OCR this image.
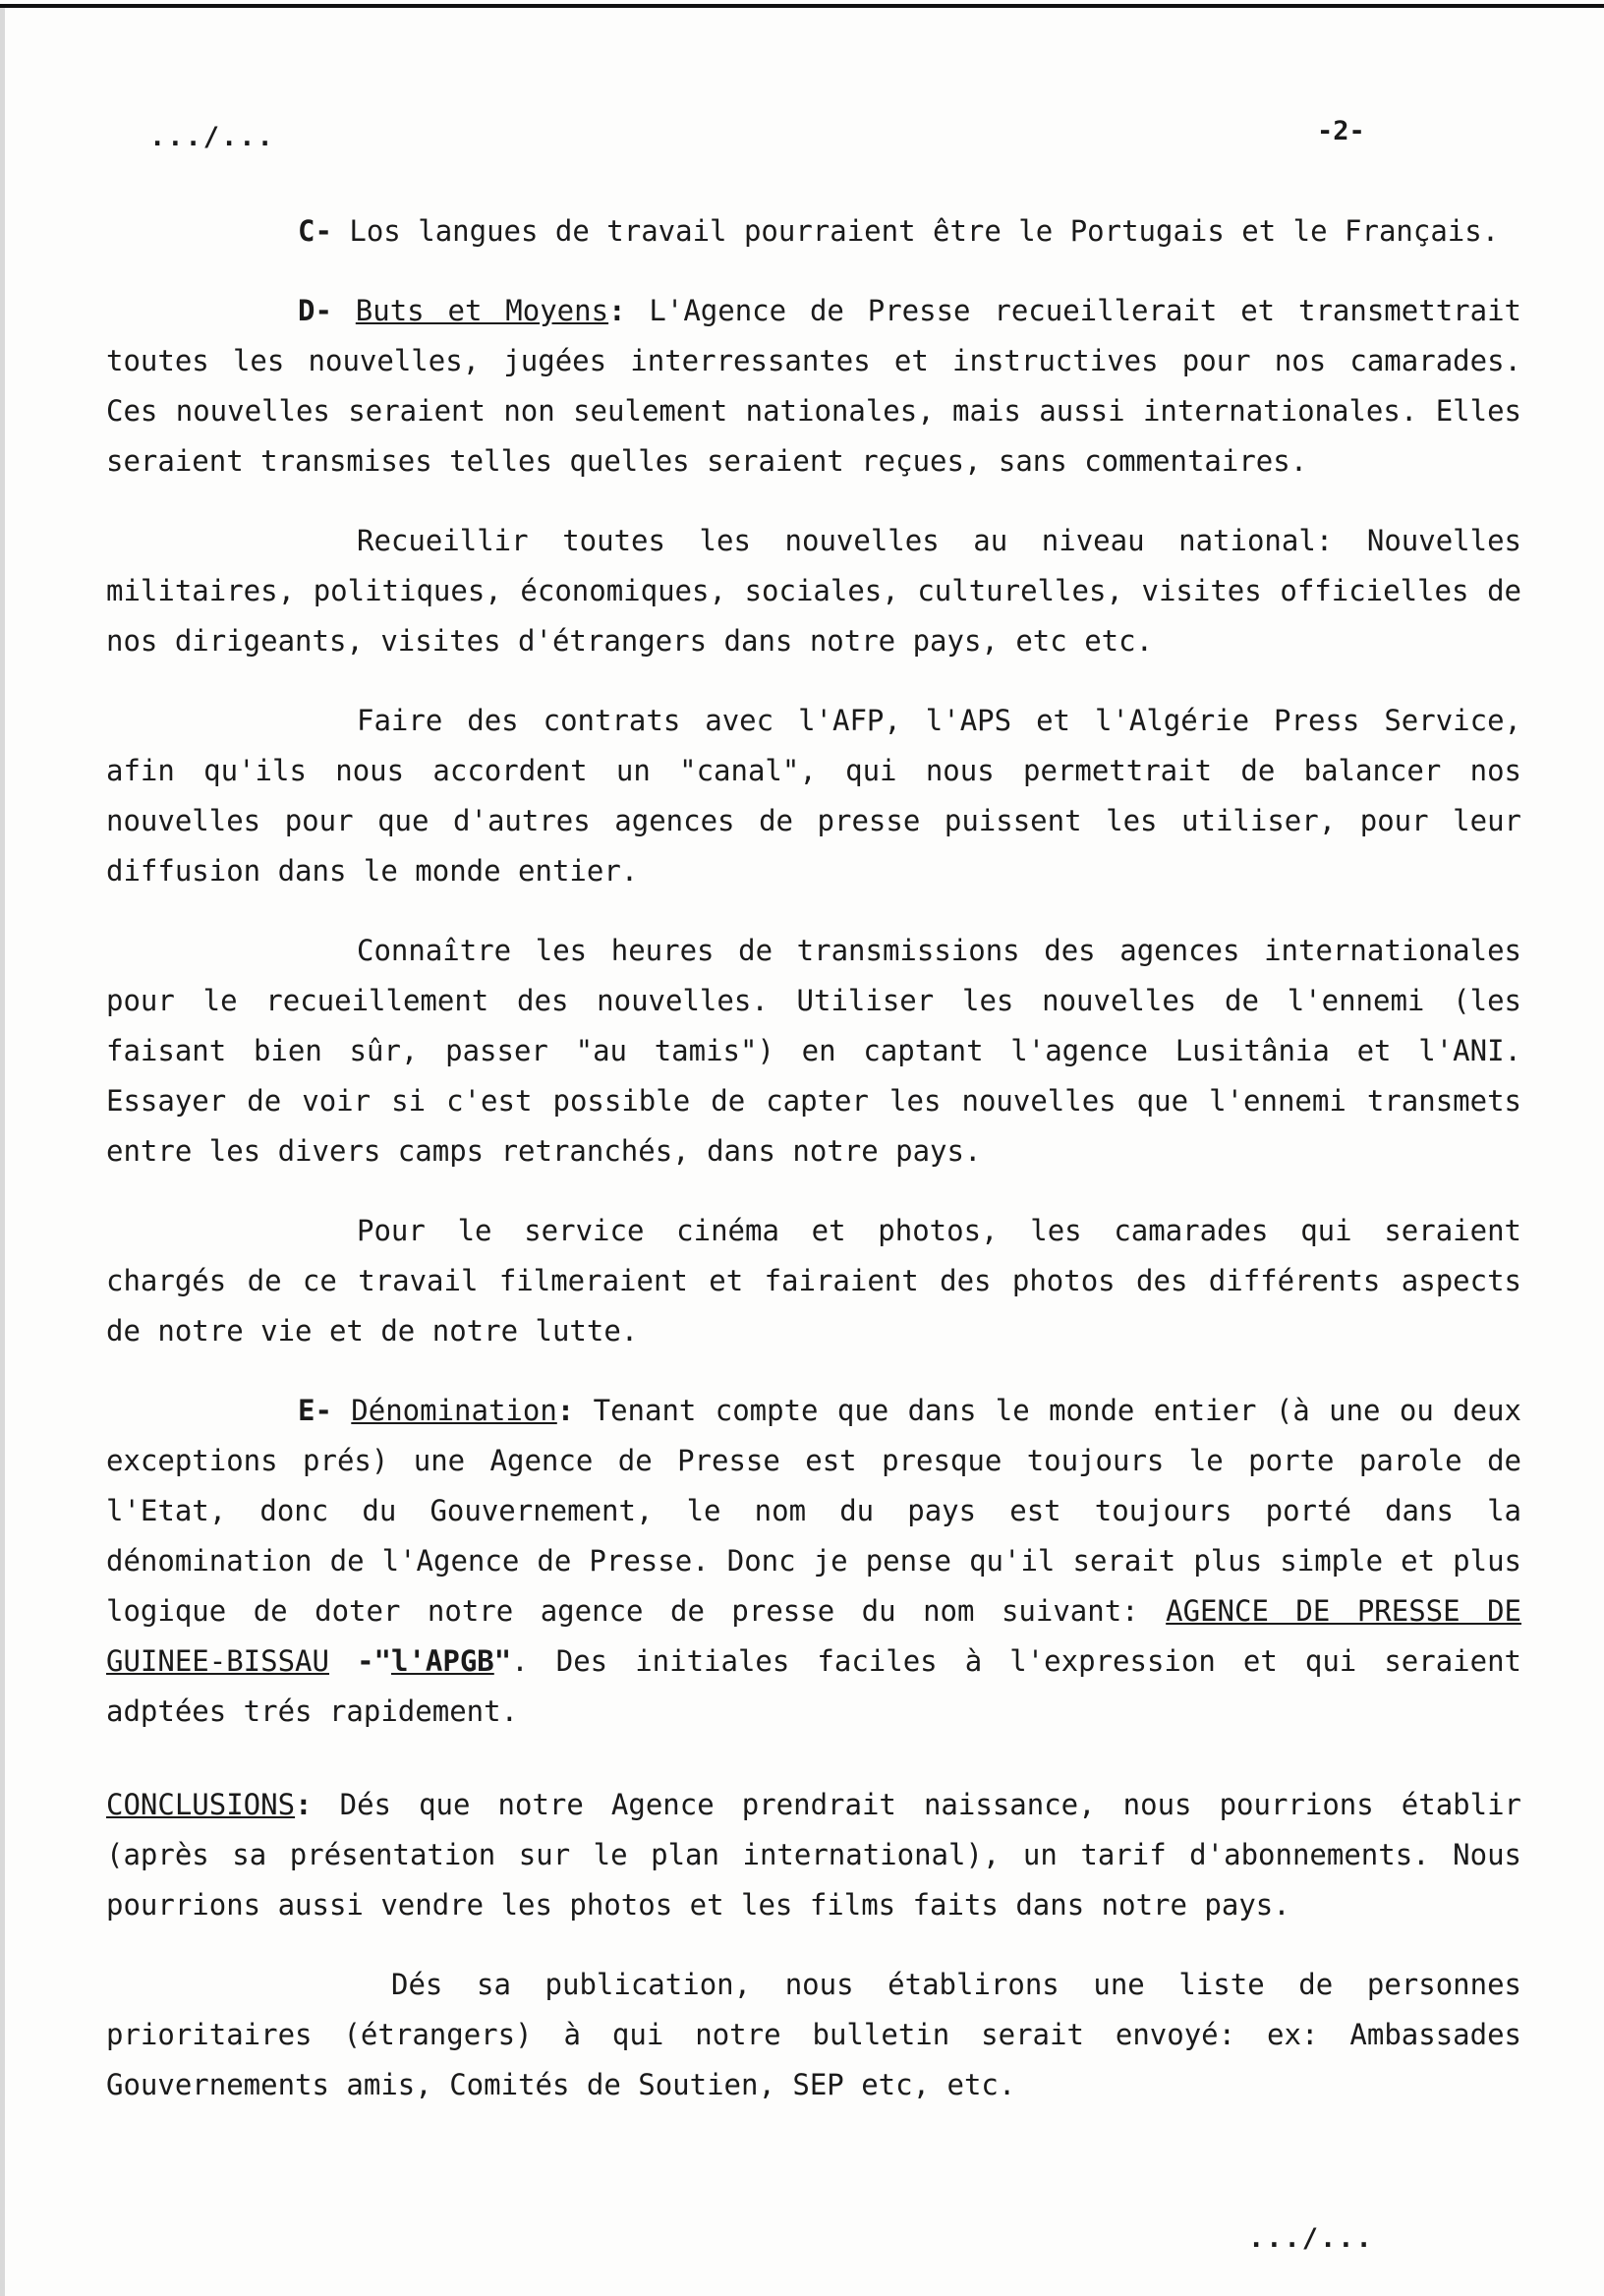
.../...	-2-

C- Los langues de travail pourraient être le Portugais et le Français.

D- Buts et Moyens: L'Agence de Presse recueillerait et transmettrait toutes les nouvelles, jugées interressantes et instructives pour nos camarades. Ces nouvelles seraient non seulement nationales, mais aussi internationales. Elles seraient transmises telles quelles seraient reçues, sans commentaires.

Recueillir toutes les nouvelles au niveau national: Nouvelles militaires, politiques, économiques, sociales, culturelles, visites officielles de nos dirigeants, visites d'étrangers dans notre pays, etc etc.

Faire des contrats avec l'AFP, l'APS et l'Algérie Press Service, afin qu'ils nous accordent un "canal", qui nous permettrait de balancer nos nouvelles pour que d'autres agences de presse puissent les utiliser, pour leur diffusion dans le monde entier.

Connaître les heures de transmissions des agences internationales pour le recueillement des nouvelles. Utiliser les nouvelles de l'ennemi (les faisant bien sûr, passer "au tamis") en captant l'agence Lusitânia et l'ANI. Essayer de voir si c'est possible de capter les nouvelles que l'ennemi transmets entre les divers camps retranchés, dans notre pays.

Pour le service cinéma et photos, les camarades qui seraient chargés de ce travail filmeraient et fairaient des photos des différents aspects de notre vie et de notre lutte.

E- Dénomination: Tenant compte que dans le monde entier (à une ou deux exceptions prés) une Agence de Presse est presque toujours le porte parole de l'Etat, donc du Gouvernement, le nom du pays est toujours porté dans la dénomination de l'Agence de Presse. Donc je pense qu'il serait plus simple et plus logique de doter notre agence de presse du nom suivant: AGENCE DE PRESSE DE GUINEE-BISSAU -"l'APGB". Des initiales faciles à l'expression et qui seraient adptées trés rapidement.

CONCLUSIONS: Dés que notre Agence prendrait naissance, nous pourrions établir (après sa présentation sur le plan international), un tarif d'abonnements. Nous pourrions aussi vendre les photos et les films faits dans notre pays.

Dés sa publication, nous établirons une liste de personnes prioritaires (étrangers) à qui notre bulletin serait envoyé: ex: Ambassades Gouvernements amis, Comités de Soutien, SEP etc, etc.

.../...
